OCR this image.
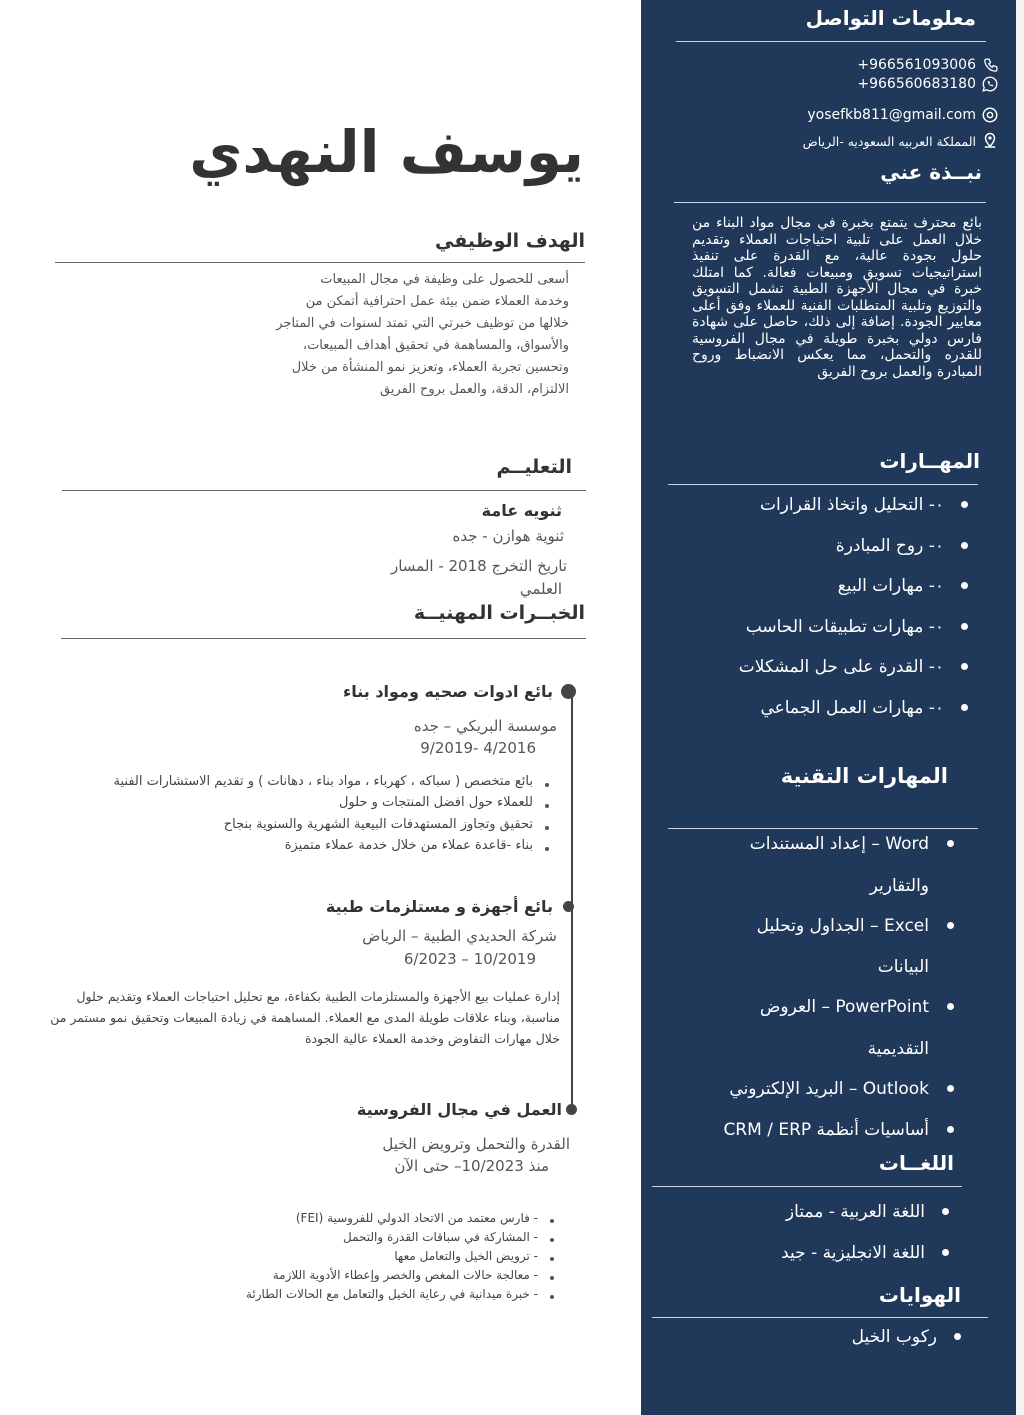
يوسف النهدي
الهدف الوظيفي
أسعى للحصول على وظيفة في مجال المبيعات
وخدمة العملاء ضمن بيئة عمل احترافية أتمكن من
خلالها من توظيف خبرتي التي تمتد لسنوات في المتاجر
والأسواق، والمساهمة في تحقيق أهداف المبيعات،
وتحسين تجربة العملاء، وتعزيز نمو المنشأة من خلال
الالتزام، الدقة، والعمل بروح الفريق
التعليــم
ثنويه عامة
ثنوية هوازن - جده
تاريخ التخرج 2018 - المسار
العلمي
الخبــرات المهنيــة
بائع ادوات صحيه ومواد بناء
موسسة البريكي – جده
9/2019- 4/2016
بائع متخصص ( سباكه ، كهرباء ، مواد بناء ، دهانات ) و تقديم الاستشارات الفنية
للعملاء حول افضل المنتجات و حلول
تحقيق وتجاوز المستهدفات البيعية الشهرية والسنوية بنجاح
بناء -قاعدة عملاء من خلال خدمة عملاء متميزة
بائع أجهزة و مستلزمات طبية
شركة الحديدي الطبية – الرياض
6/2023 – 10/2019
إدارة عمليات بيع الأجهزة والمستلزمات الطبية بكفاءة، مع تحليل احتياجات العملاء وتقديم حلول
مناسبة، وبناء علاقات طويلة المدى مع العملاء. المساهمة في زيادة المبيعات وتحقيق نمو مستمر من
خلال مهارات التفاوض وخدمة العملاء عالية الجودة
العمل في مجال الفروسية
القدرة والتحمل وترويض الخيل
منذ 10/2023– حتى الآن
- فارس معتمد من الاتحاد الدولي للفروسية (FEI)
- المشاركة في سباقات القدرة والتحمل
- ترويض الخيل والتعامل معها
- معالجة حالات المغص والخصر وإعطاء الأدوية اللازمة
- خبرة ميدانية في رعاية الخيل والتعامل مع الحالات الطارئة
معلومات التواصل
+966561093006
+966560683180
yosefkb811@gmail.com
المملكة العربيه السعوديه -الرياض
نبــذة عني
بائع محترف يتمتع بخبرة في مجال مواد البناء من خلال العمل على تلبية احتياجات العملاء وتقديم حلول بجودة عالية، مع القدرة على تنفيذ استراتيجيات تسويق ومبيعات فعالة. كما امتلك خبرة في مجال الأجهزة الطبية تشمل التسويق والتوزيع وتلبية المتطلبات الفنية للعملاء وفق أعلى معايير الجودة. إضافة إلى ذلك، حاصل على شهادة فارس دولي بخبرة طويلة في مجال الفروسية للقدره والتحمل، مما يعكس الانضباط وروح المبادرة والعمل بروح الفريق
المهــارات
٠- التحليل واتخاذ القرارات
٠- روح المبادرة
٠- مهارات البيع
٠- مهارات تطبيقات الحاسب
٠- القدرة على حل المشكلات
٠- مهارات العمل الجماعي
المهارات التقنية
Word – إعداد المستندات
والتقارير
Excel – الجداول وتحليل
البيانات
PowerPoint – العروض
التقديمية
Outlook – البريد الإلكتروني
أساسيات أنظمة CRM / ERP
اللغــات
اللغة العربية - ممتاز
اللغة الانجليزية - جيد
الهوايات
ركوب الخيل
